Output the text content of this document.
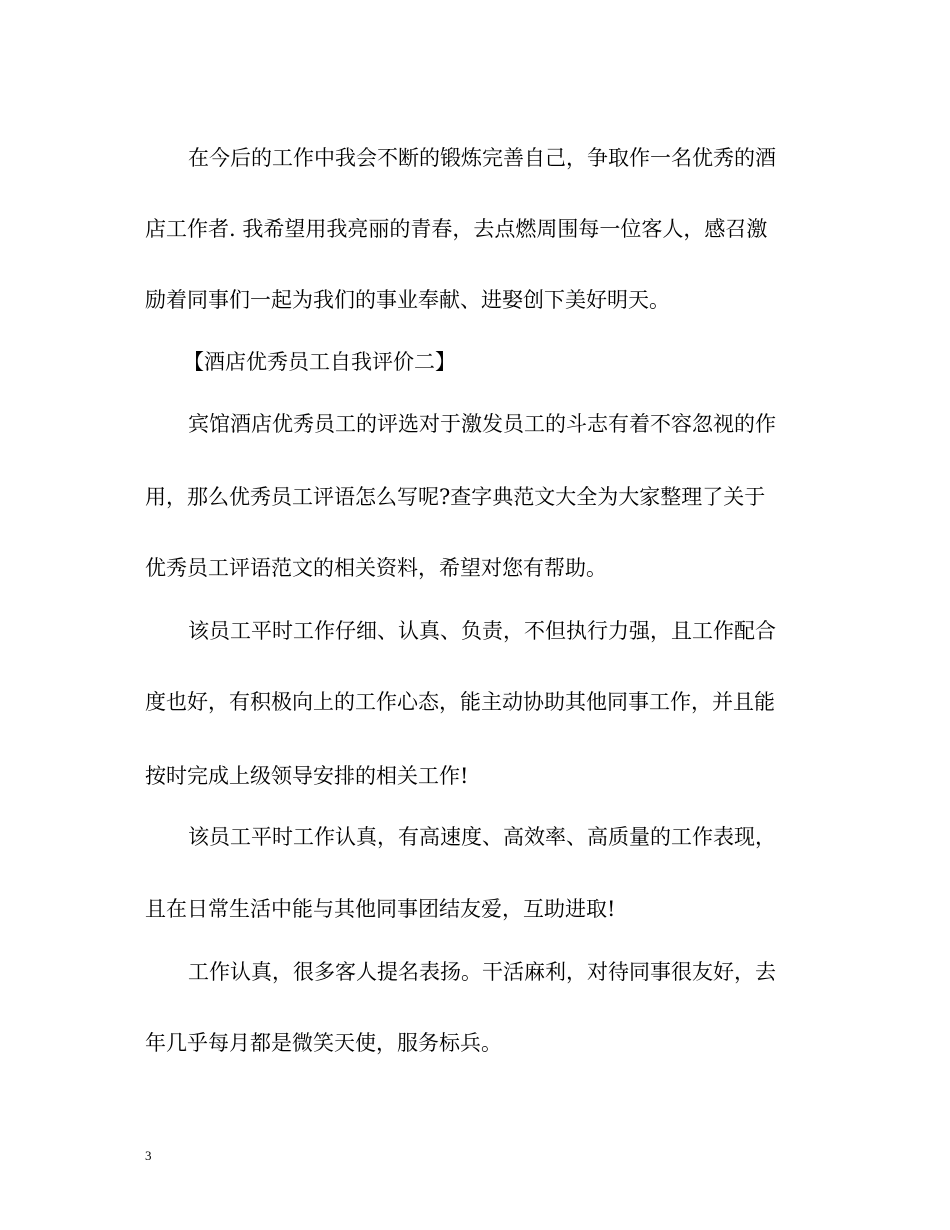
在今后的工作中我会不断的锻炼完善自己，争取作一名优秀的酒
店工作者. 我希望用我亮丽的青春，去点燃周围每一位客人，感召激
励着同事们一起为我们的事业奉献、进娶创下美好明天。
【酒店优秀员工自我评价二】
宾馆酒店优秀员工的评选对于激发员工的斗志有着不容忽视的作
用，那么优秀员工评语怎么写呢?查字典范文大全为大家整理了关于
优秀员工评语范文的相关资料，希望对您有帮助。
该员工平时工作仔细、认真、负责，不但执行力强，且工作配合
度也好，有积极向上的工作心态，能主动协助其他同事工作，并且能
按时完成上级领导安排的相关工作!
该员工平时工作认真，有高速度、高效率、高质量的工作表现，
且在日常生活中能与其他同事团结友爱，互助进取!
工作认真，很多客人提名表扬。干活麻利，对待同事很友好，去
年几乎每月都是微笑天使，服务标兵。
3
